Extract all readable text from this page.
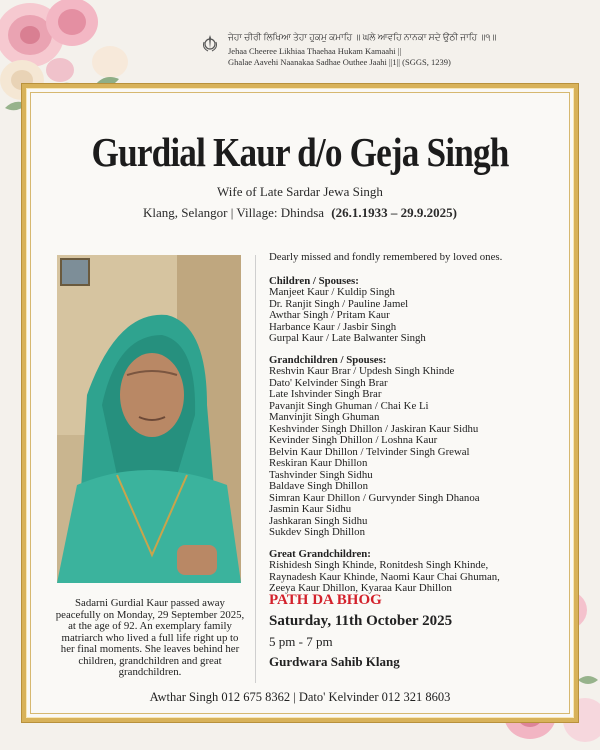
ਜੇਹਾ ਚੀਰੀ ਲਿਖਿਆ ਤੇਹਾ ਹੁਕਮੁ ਕਮਾਹਿ ॥ ਘਲੇ ਆਵਹਿ ਨਾਨਕਾ ਸਦੇ ਉਠੀ ਜਾਹਿ ॥੧॥
Jehaa Cheeree Likhiaa Thaehaa Hukam Kamaahi ||
Ghalae Aavehi Naanakaa Sadhae Outhee Jaahi ||1|| (SGGS, 1239)
Gurdial Kaur d/o Geja Singh
Wife of Late Sardar Jewa Singh
Klang, Selangor | Village: Dhindsa (26.1.1933 – 29.9.2025)
Sadarni Gurdial Kaur passed away peacefully on Monday, 29 September 2025, at the age of 92. An exemplary family matriarch who lived a full life right up to her final moments. She leaves behind her children, grandchildren and great grandchildren.
Dearly missed and fondly remembered by loved ones.
Children / Spouses:
Manjeet Kaur / Kuldip Singh
Dr. Ranjit Singh / Pauline Jamel
Awthar Singh / Pritam Kaur
Harbance Kaur / Jasbir Singh
Gurpal Kaur / Late Balwanter Singh
Grandchildren / Spouses:
Reshvin Kaur Brar / Updesh Singh Khinde
Dato' Kelvinder Singh Brar
Late Ishvinder Singh Brar
Pavanjit Singh Ghuman / Chai Ke Li
Manvinjit Singh Ghuman
Keshvinder Singh Dhillon / Jaskiran Kaur Sidhu
Kevinder Singh Dhillon / Loshna Kaur
Belvin Kaur Dhillon / Telvinder Singh Grewal
Reskiran Kaur Dhillon
Tashvinder Singh Sidhu
Baldave Singh Dhillon
Simran Kaur Dhillon / Gurvynder Singh Dhanoa
Jasmin Kaur Sidhu
Jashkaran Singh Sidhu
Sukdev Singh Dhillon
Great Grandchildren:
Rishidesh Singh Khinde, Ronitdesh Singh Khinde,
Raynadesh Kaur Khinde, Naomi Kaur Chai Ghuman,
Zeeya Kaur Dhillon, Kyaraa Kaur Dhillon
PATH DA BHOG
Saturday, 11th October 2025
5 pm - 7 pm
Gurdwara Sahib Klang
Awthar Singh 012 675 8362 | Dato' Kelvinder 012 321 8603
